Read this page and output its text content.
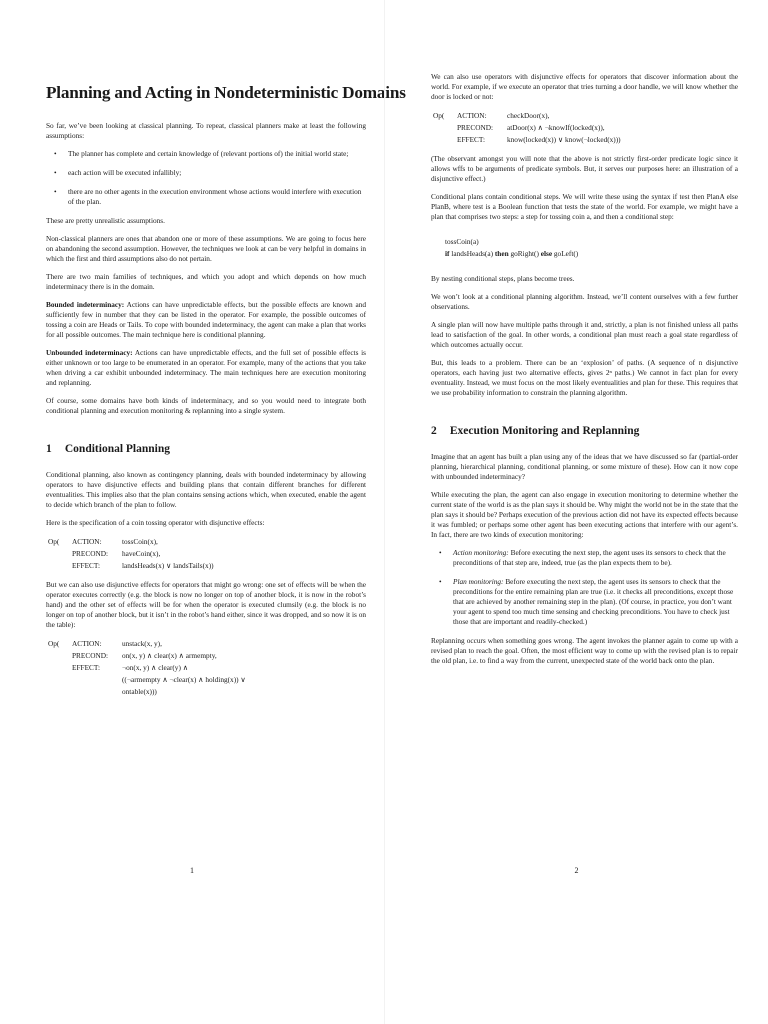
Planning and Acting in Nondeterministic Domains

So far, we’ve been looking at classical planning. To repeat, classical planners make at least the following assumptions:

• The planner has complete and certain knowledge of (relevant portions of) the initial world state;
• each action will be executed infallibly;
• there are no other agents in the execution environment whose actions would interfere with execution of the plan.

These are pretty unrealistic assumptions.

Non-classical planners are ones that abandon one or more of these assumptions. We are going to focus here on abandoning the second assumption. However, the techniques we look at can be very helpful in domains in which the first and third assumptions also do not pertain.

There are two main families of techniques, and which you adopt and which depends on how much indeterminacy there is in the domain.

Bounded indeterminacy: Actions can have unpredictable effects, but the possible effects are known and sufficiently few in number that they can be listed in the operator. For example, the possible outcomes of tossing a coin are Heads or Tails. To cope with bounded indeterminacy, the agent can make a plan that works for all possible outcomes. The main technique here is conditional planning.
Unbounded indeterminacy: Actions can have unpredictable effects, and the full set of possible effects is either unknown or too large to be enumerated in an operator. For example, many of the actions that you take when driving a car exhibit unbounded indeterminacy. The main techniques here are execution monitoring and replanning.

Of course, some domains have both kinds of indeterminacy, and so you would need to integrate both conditional planning and execution monitoring & replanning into a single system.

1 Conditional Planning

Conditional planning, also known as contingency planning, deals with bounded indeterminacy by allowing operators to have disjunctive effects and building plans that contain different branches for different eventualities. This implies also that the plan contains sensing actions which, when executed, enable the agent to decide which branch of the plan to follow.

Here is the specification of a coin tossing operator with disjunctive effects:

Op(	ACTION:	tossCoin(x),
PRECOND:	haveCoin(x),
EFFECT:	landsHeads(x) ∨ landsTails(x))

But we can also use disjunctive effects for operators that might go wrong: one set of effects will be when the operator executes correctly (e.g. the block is now no longer on top of another block, it is now in the robot’s hand) and the other set of effects will be for when the operator is executed clumsily (e.g. the block is no longer on top of another block, but it isn’t in the robot’s hand either, since it was dropped, and so now it is on the table):

Op(	ACTION:	unstack(x, y),
PRECOND:	on(x, y) ∧ clear(x) ∧ armempty,
EFFECT:	¬on(x, y) ∧ clear(y) ∧
((¬armempty ∧ ¬clear(x) ∧ holding(x)) ∨
ontable(x)))
1

We can also use operators with disjunctive effects for operators that discover information about the world. For example, if we execute an operator that tries turning a door handle, we will know whether the door is locked or not:

Op(	ACTION:	checkDoor(x),
PRECOND:	atDoor(x) ∧ ¬knowIf(locked(x)),
EFFECT:	know(locked(x)) ∨ know(¬locked(x)))

(The observant amongst you will note that the above is not strictly first-order predicate logic since it allows wffs to be arguments of predicate symbols. But, it serves our purposes here: an illustration of a disjunctive effect.)

Conditional plans contain conditional steps. We will write these using the syntax if test then PlanA else PlanB, where test is a Boolean function that tests the state of the world. For example, we might have a plan that comprises two steps: a step for tossing coin a, and then a conditional step:

tossCoin(a)
if landsHeads(a) then goRight() else goLeft()

By nesting conditional steps, plans become trees.

We won’t look at a conditional planning algorithm. Instead, we’ll content ourselves with a few further observations.

A single plan will now have multiple paths through it and, strictly, a plan is not finished unless all paths lead to satisfaction of the goal. In other words, a conditional plan must reach a goal state regardless of which outcomes actually occur.

But, this leads to a problem. There can be an ‘explosion’ of paths. (A sequence of n disjunctive operators, each having just two alternative effects, gives 2ⁿ paths.) We cannot in fact plan for every eventuality. Instead, we must focus on the most likely eventualities and plan for these. This requires that we use probability information to constrain the planning algorithm.

2 Execution Monitoring and Replanning

Imagine that an agent has built a plan using any of the ideas that we have discussed so far (partial-order planning, hierarchical planning, conditional planning, or some mixture of these). How can it now cope with unbounded indeterminacy?

While executing the plan, the agent can also engage in execution monitoring to determine whether the current state of the world is as the plan says it should be. Why might the world not be in the state that the plan says it should be? Perhaps execution of the previous action did not have its expected effects because it was fumbled; or perhaps some other agent has been executing actions that interfere with our agent’s. In fact, there are two kinds of execution monitoring:

• Action monitoring: Before executing the next step, the agent uses its sensors to check that the preconditions of that step are, indeed, true (as the plan expects them to be).
• Plan monitoring: Before executing the next step, the agent uses its sensors to check that the preconditions for the entire remaining plan are true (i.e. it checks all preconditions, except those that are achieved by another remaining step in the plan). (Of course, in practice, you don’t want your agent to spend too much time sensing and checking preconditions. You have to check just those that are important and readily-checked.)

Replanning occurs when something goes wrong. The agent invokes the planner again to come up with a revised plan to reach the goal. Often, the most efficient way to come up with the revised plan is to repair the old plan, i.e. to find a way from the current, unexpected state of the world back onto the plan.

2
